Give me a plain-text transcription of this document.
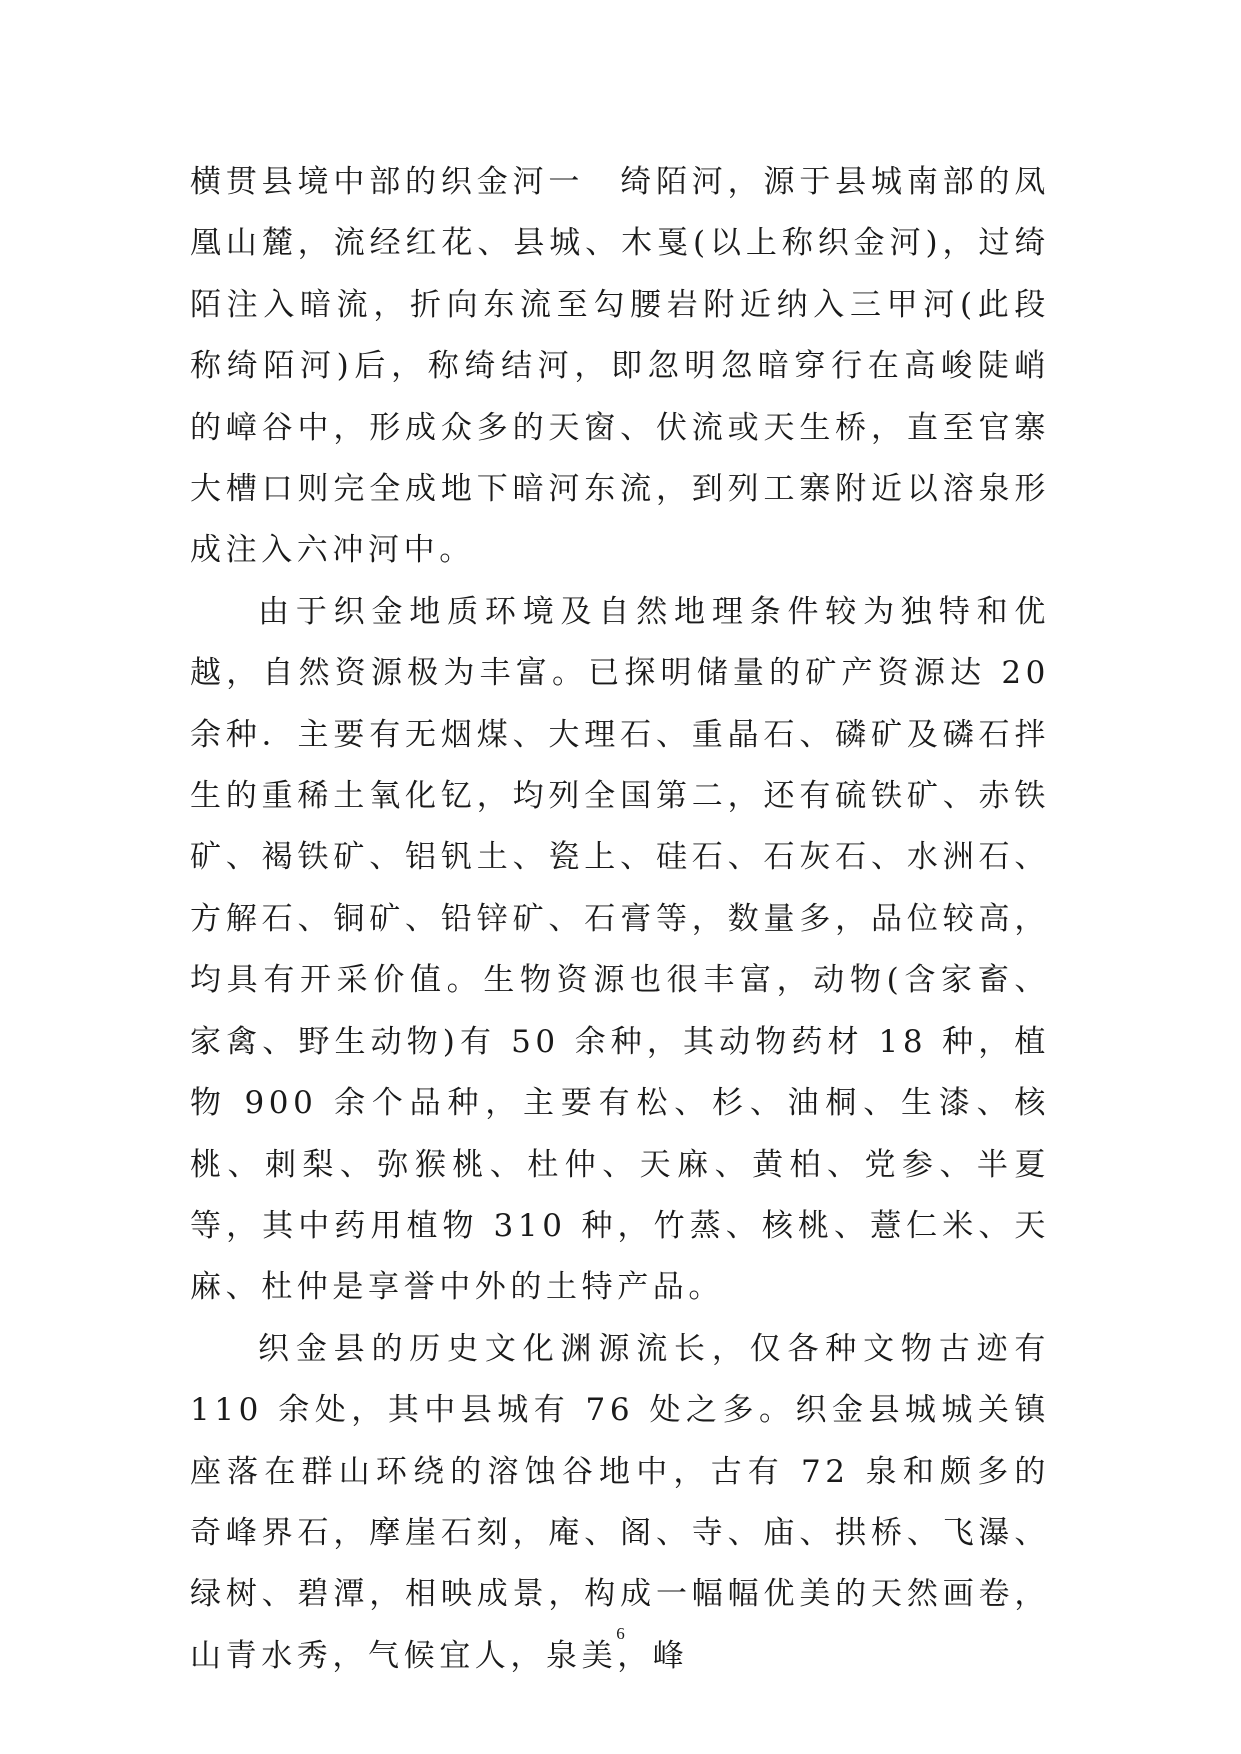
横贯县境中部的织金河一　绮陌河，源于县城南部的凤凰山麓，流经红花、县城、木戛(以上称织金河)，过绮陌注入暗流，折向东流至勾腰岩附近纳入三甲河(此段称绮陌河)后，称绮结河，即忽明忽暗穿行在高峻陡峭的嶂谷中，形成众多的天窗、伏流或天生桥，直至官寨大槽口则完全成地下暗河东流，到列工寨附近以溶泉形成注入六冲河中。

由于织金地质环境及自然地理条件较为独特和优越，自然资源极为丰富。已探明储量的矿产资源达 20 余种．主要有无烟煤、大理石、重晶石、磷矿及磷石拌生的重稀土氧化钇，均列全国第二，还有硫铁矿、赤铁矿、褐铁矿、铝钒土、瓷上、硅石、石灰石、水洲石、方解石、铜矿、铅锌矿、石膏等，数量多，品位较高，均具有开采价值。生物资源也很丰富，动物(含家畜、家禽、野生动物)有 50 余种，其动物药材 18 种，植物 900 余个品种，主要有松、杉、油桐、生漆、核桃、刺梨、弥猴桃、杜仲、天麻、黄柏、党参、半夏等，其中药用植物 310 种，竹蒸、核桃、薏仁米、天麻、杜仲是享誉中外的土特产品。

织金县的历史文化渊源流长，仅各种文物古迹有 110 余处，其中县城有 76 处之多。织金县城城关镇座落在群山环绕的溶蚀谷地中，古有 72 泉和颇多的奇峰界石，摩崖石刻，庵、阁、寺、庙、拱桥、飞瀑、绿树、碧潭，相映成景，构成一幅幅优美的天然画卷，山青水秀，气候宜人，泉美，峰

6
